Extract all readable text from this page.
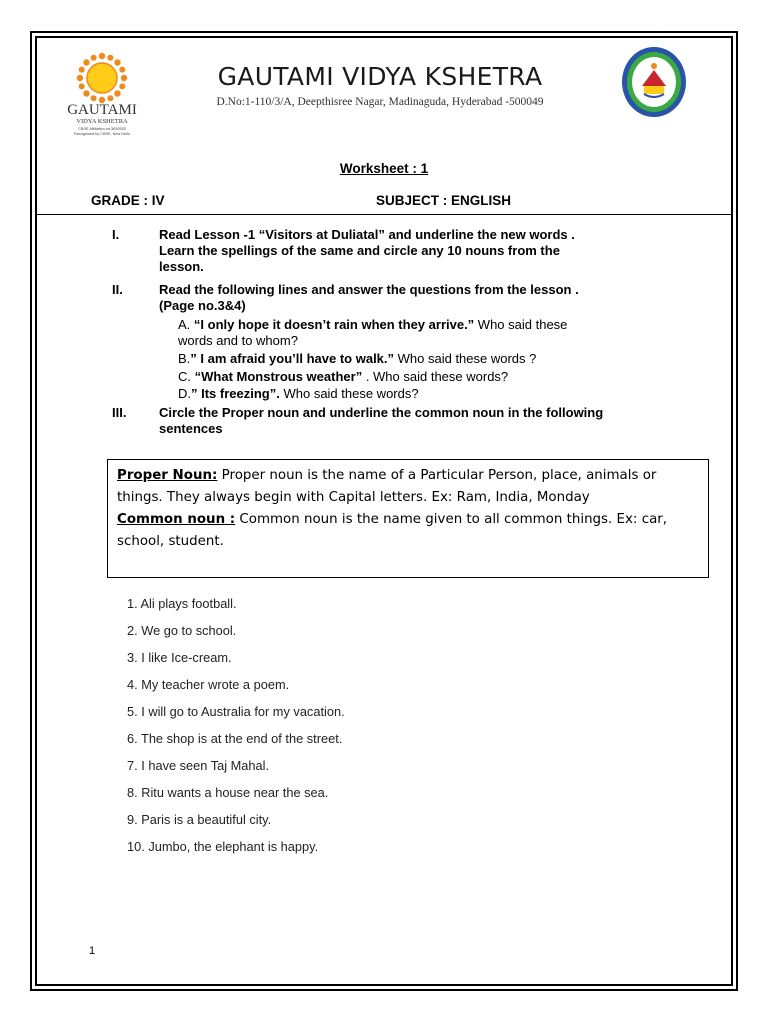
GAUTAMI
VIDYA KSHETRA
CBSE Affiliation no:3630553
Recognised by CBSE, New Delhi
GAUTAMI VIDYA KSHETRA
D.No:1-110/3/A, Deepthisree Nagar, Madinaguda, Hyderabad -500049
Worksheet : 1
GRADE : IV	SUBJECT : ENGLISH
I.	Read Lesson -1 “Visitors at Duliatal” and underline the new words .
Learn the spellings of the same and circle any 10 nouns from the
lesson.
II.	Read the following lines and answer the questions from the lesson .
(Page no.3&4)
A. “I only hope it doesn’t rain when they arrive.” Who said these
words and to whom?
B.” I am afraid you’ll have to walk.” Who said these words ?
C. “What Monstrous weather” . Who said these words?
D.” Its freezing”. Who said these words?
III.	Circle the Proper noun and underline the common noun in the following
sentences
Proper Noun: Proper noun is the name of a Particular Person, place, animals or
things. They always begin with Capital letters. Ex: Ram, India, Monday
Common noun : Common noun is the name given to all common things. Ex: car,
school, student.
1. Ali plays football.
2. We go to school.
3. I like Ice-cream.
4. My teacher wrote a poem.
5. I will go to Australia for my vacation.
6. The shop is at the end of the street.
7. I have seen Taj Mahal.
8. Ritu wants a house near the sea.
9. Paris is a beautiful city.
10. Jumbo, the elephant is happy.
1
